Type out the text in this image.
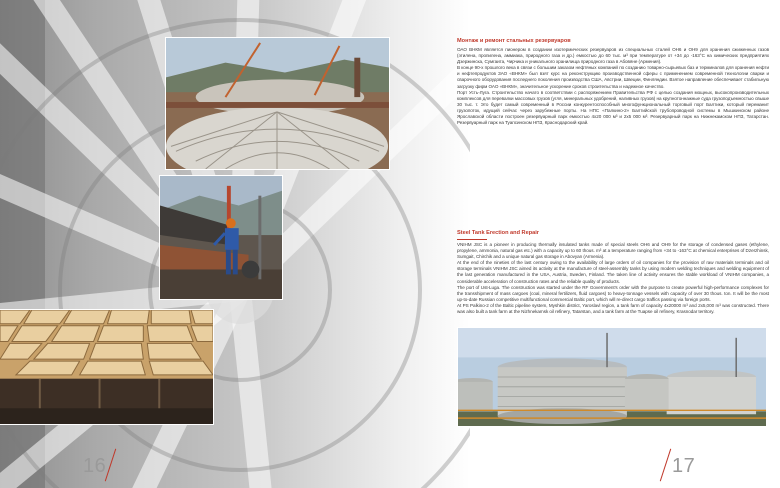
16
Монтаж и ремонт стальных резервуаров

ОАО ВНКМ является пионером в создании изотермических резервуаров из специальных сталей ОН6 и ОН9 для хранения сжиженных газов (этилена, пропилена, аммиака, природного газа и др.) емкостью до 60 тыс. м³ при температуре от +34 до -163°С на химических предприятиях Дзержинска, Сумгаита, Чирчика и уникального хранилища природного газа в Абовяне (Армения).

В конце 90-х прошлого века в связи с большим заказом нефтяных компаний по созданию товарно-сырьевых баз и терминалов для хранения нефти и нефтепродуктов ЗАО «ВНКМ» был взят курс на реконструкцию производственной сферы с применением современной технологии сварки и сварочного оборудования последнего поколения производства США, Австрии, Швеции, Финляндии. Взятое направление обеспечивает стабильную загрузку фирм ОАО «ВНКМ», значительное ускорение сроков строительства и надежное качество.

Порт Усть-Луга. Строительство начато в соответствии с распоряжением Правительства РФ с целью создания мощных, высокопроизводительных комплексов для перевалки массовых грузов (угля, минеральных удобрений, наливных грузов) на крупнотоннажные суда грузоподъемностью свыше 30 тыс. т. Это будет самый современный в России конкурентоспособный многофункциональный торговый порт Балтики, который переманит грузопоток, идущий сейчас через зарубежные порты. На НПС «Палкино-2» Балтийской трубопроводной системы в Мышкинском районе Ярославской области построен резервуарный парк емкостью 4х20 000 м³ и 2х5 000 м³. Резервуарный парк на Нижнекамском НПЗ, Татарстан. Резервуарный парк на Туапсинском НПЗ, Краснодарский край.

Steel Tank Erection and Repair

VNIHM JSC is a pioneer in producing thermally insulated tanks made of special steels OH6 and OH9 for the storage of condensed gases (ethylene, propylene, ammonia, natural gas etc.) with a capacity up to 60 thous. m³ at a temperature ranging from +34 to -163°C at chemical enterprises of Dzerzhinsk, Sumgait, Chirchik and a unique natural gas storage in Abovyan (Armenia).

At the end of the nineties of the last century owing to the availability of large orders of oil companies for the provision of raw materials terminals and oil storage terminals VNIHM JSC aimed its activity at the manufacture of steel-assembly tanks by using modern welding techniques and welding equipment of the last generation manufactured in the USA, Austria, Sweden, Finland. The taken line of activity ensures the stable workload of VNIHM companies, a considerable acceleration of construction rates and the reliable quality of products.

The port of Ust-Luga. The construction was started under the RF Government's order with the purpose to create powerful high-performance complexes for the transshipment of mass cargoes (coal, mineral fertilizers, fluid cargoes) to heavy-tonnage vessels with capacity of over 30 thous. ton. It will be the most up-to-date Russian competitive multifunctional commercial Baltic port, which will re-direct cargo traffics passing via foreign ports.

At PS Palkino-2 of the Baltic pipeline system, Myshkin district, Yaroslavl region, a tank farm of capacity 4x20000 m³ and 2x5,000 m³ was constructed. There was also built a tank farm at the Nizhnekamsk oil refinery, Tatarstan, and a tank farm at the Tuapse oil refinery, Krasnodar territory.

17
